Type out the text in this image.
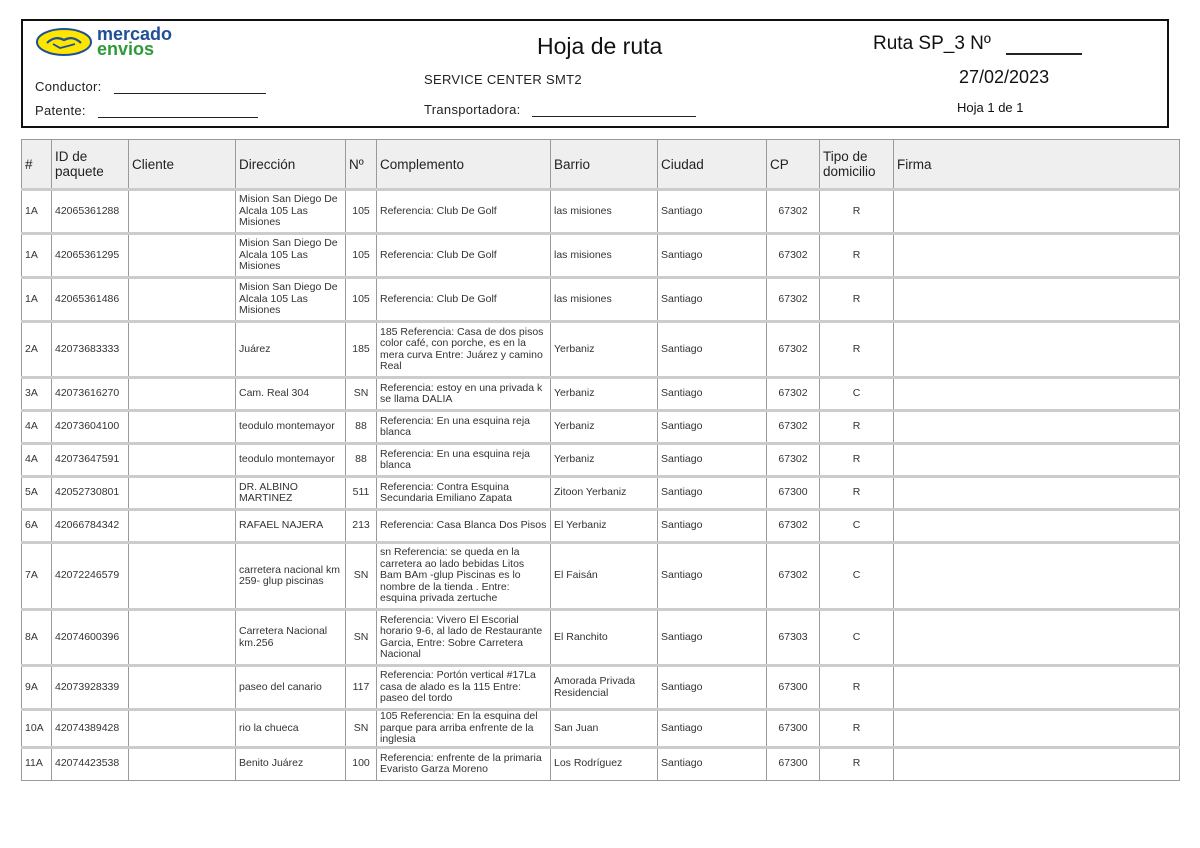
mercado
envios
Conductor:
Patente:
Hoja de ruta
SERVICE CENTER SMT2
Transportadora:
Ruta SP_3 Nº
27/02/2023
Hoja 1 de 1
#	ID de paquete	Cliente	Dirección	Nº	Complemento	Barrio	Ciudad	CP	Tipo de domicilio	Firma
1A	42065361288		Mision San Diego De Alcala 105 Las Misiones	105	Referencia: Club De Golf	las misiones	Santiago	67302	R	
1A	42065361295		Mision San Diego De Alcala 105 Las Misiones	105	Referencia: Club De Golf	las misiones	Santiago	67302	R	
1A	42065361486		Mision San Diego De Alcala 105 Las Misiones	105	Referencia: Club De Golf	las misiones	Santiago	67302	R	
2A	42073683333		Juárez	185	185 Referencia: Casa de dos pisos color café, con porche, es en la mera curva Entre: Juárez y camino Real	Yerbaniz	Santiago	67302	R	
3A	42073616270		Cam. Real 304	SN	Referencia: estoy en una privada k se llama DALIA	Yerbaniz	Santiago	67302	C	
4A	42073604100		teodulo montemayor	88	Referencia: En una esquina reja blanca	Yerbaniz	Santiago	67302	R	
4A	42073647591		teodulo montemayor	88	Referencia: En una esquina reja blanca	Yerbaniz	Santiago	67302	R	
5A	42052730801		DR. ALBINO MARTINEZ	511	Referencia: Contra Esquina Secundaria Emiliano Zapata	Zitoon Yerbaniz	Santiago	67300	R	
6A	42066784342		RAFAEL NAJERA	213	Referencia: Casa Blanca Dos Pisos	El Yerbaniz	Santiago	67302	C	
7A	42072246579		carretera nacional km 259- glup piscinas	SN	sn Referencia: se queda en la carretera ao lado bebidas Litos Bam BAm -glup Piscinas es lo nombre de la tienda . Entre: esquina privada zertuche	El Faisán	Santiago	67302	C	
8A	42074600396		Carretera Nacional km.256	SN	Referencia: Vivero El Escorial horario 9-6, al lado de Restaurante Garcia, Entre: Sobre Carretera Nacional	El Ranchito	Santiago	67303	C	
9A	42073928339		paseo del canario	117	Referencia: Portón vertical #17La casa de alado es la 115 Entre: paseo del tordo	Amorada Privada Residencial	Santiago	67300	R	
10A	42074389428		rio la chueca	SN	105 Referencia: En la esquina del parque para arriba enfrente de la inglesia	San Juan	Santiago	67300	R	
11A	42074423538		Benito Juárez	100	Referencia: enfrente de la primaria Evaristo Garza Moreno	Los Rodríguez	Santiago	67300	R	
